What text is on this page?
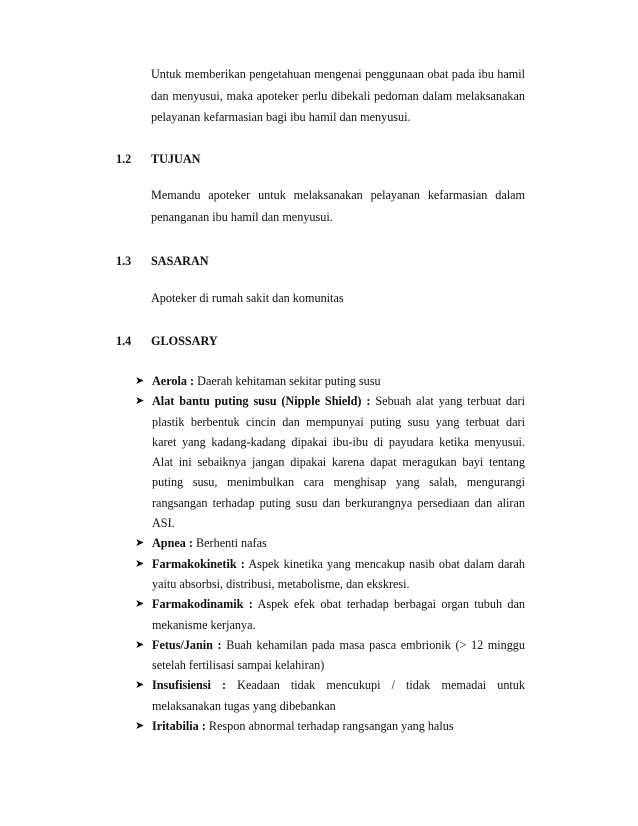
Untuk memberikan pengetahuan mengenai penggunaan obat pada ibu hamil
dan menyusui, maka apoteker perlu dibekali pedoman dalam melaksanakan
pelayanan kefarmasian bagi ibu hamil dan menyusui.
1.2 TUJUAN
Memandu apoteker untuk melaksanakan pelayanan kefarmasian dalam
penanganan ibu hamil dan menyusui.
1.3 SASARAN
Apoteker di rumah sakit dan komunitas
1.4 GLOSSARY
➤ Aerola : Daerah kehitaman sekitar puting susu
➤ Alat bantu puting susu (Nipple Shield) : Sebuah alat yang terbuat dari
plastik berbentuk cincin dan mempunyai puting susu yang terbuat dari
karet yang kadang-kadang dipakai ibu-ibu di payudara ketika menyusui.
Alat ini sebaiknya jangan dipakai karena dapat meragukan bayi tentang
puting susu, menimbulkan cara menghisap yang salah, mengurangi
rangsangan terhadap puting susu dan berkurangnya persediaan dan aliran
ASI.
➤ Apnea : Berhenti nafas
➤ Farmakokinetik : Aspek kinetika yang mencakup nasib obat dalam darah
yaitu absorbsi, distribusi, metabolisme, dan ekskresi.
➤ Farmakodinamik : Aspek efek obat terhadap berbagai organ tubuh dan
mekanisme kerjanya.
➤ Fetus/Janin : Buah kehamilan pada masa pasca embrionik (> 12 minggu
setelah fertilisasi sampai kelahiran)
➤ Insufisiensi : Keadaan tidak mencukupi / tidak memadai untuk
melaksanakan tugas yang dibebankan
➤ Iritabilia : Respon abnormal terhadap rangsangan yang halus
